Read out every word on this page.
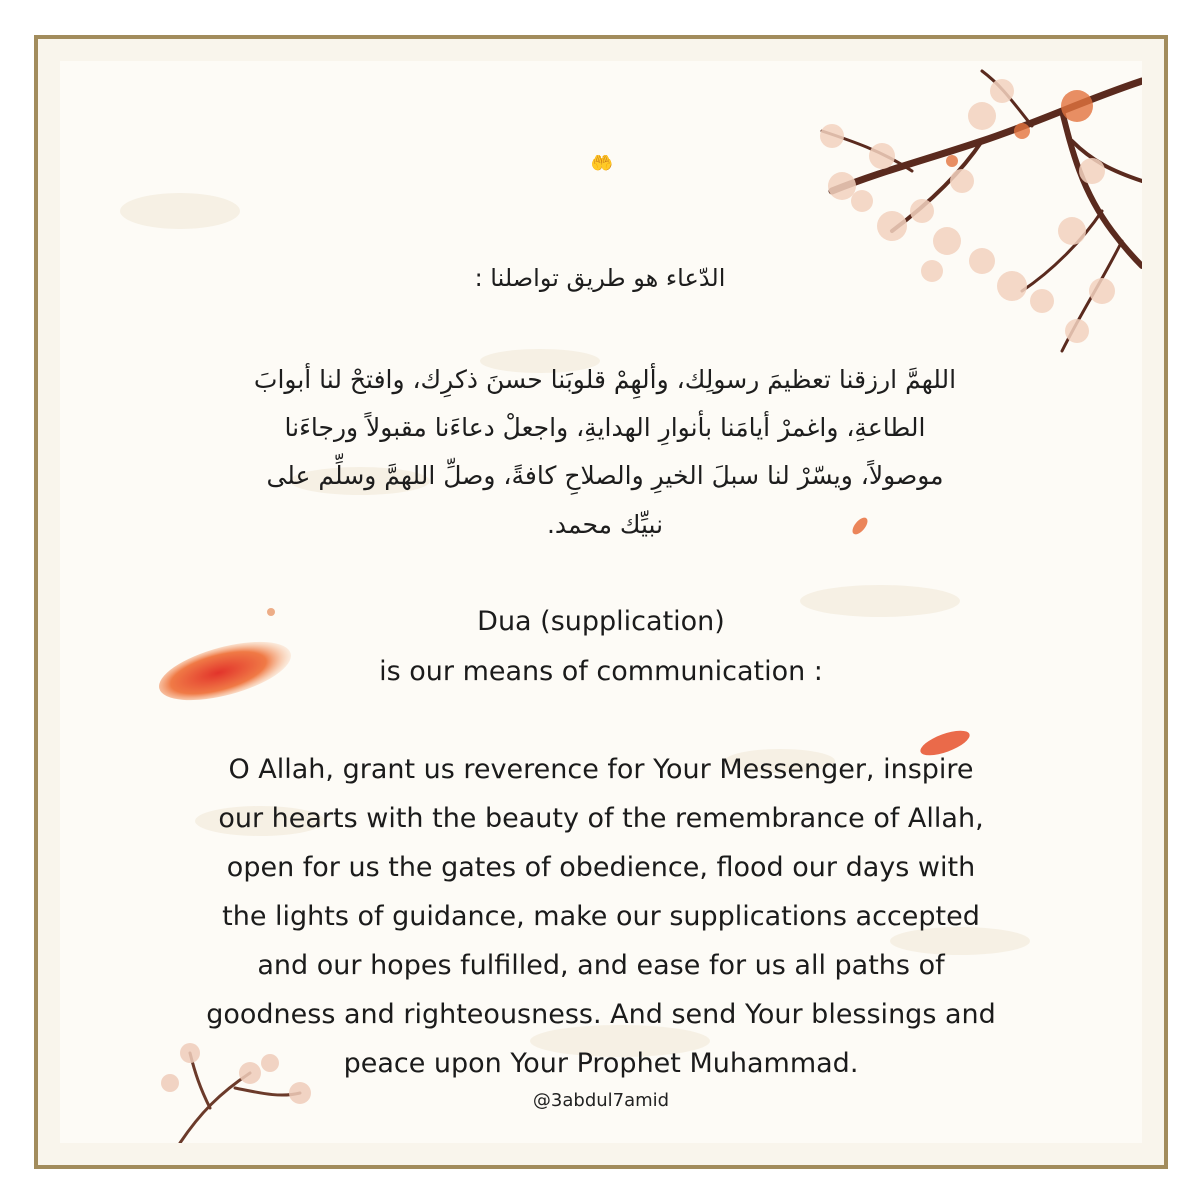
🤲
الدّعاء هو طريق تواصلنا :
اللهمَّ ارزقنا تعظيمَ رسولِك، وألهِمْ قلوبَنا حسنَ ذكرِك، وافتحْ لنا أبوابَ
الطاعةِ، واغمرْ أيامَنا بأنوارِ الهدايةِ، واجعلْ دعاءَنا مقبولاً ورجاءَنا
موصولاً، ويسّرْ لنا سبلَ الخيرِ والصلاحِ كافةً، وصلِّ اللهمَّ وسلِّم على
نبيِّك محمد.
Dua (supplication)
is our means of communication :
O Allah, grant us reverence for Your Messenger, inspire
our hearts with the beauty of the remembrance of Allah,
open for us the gates of obedience, flood our days with
the lights of guidance, make our supplications accepted
and our hopes fulfilled, and ease for us all paths of
goodness and righteousness. And send Your blessings and
peace upon Your Prophet Muhammad.
@3abdul7amid
